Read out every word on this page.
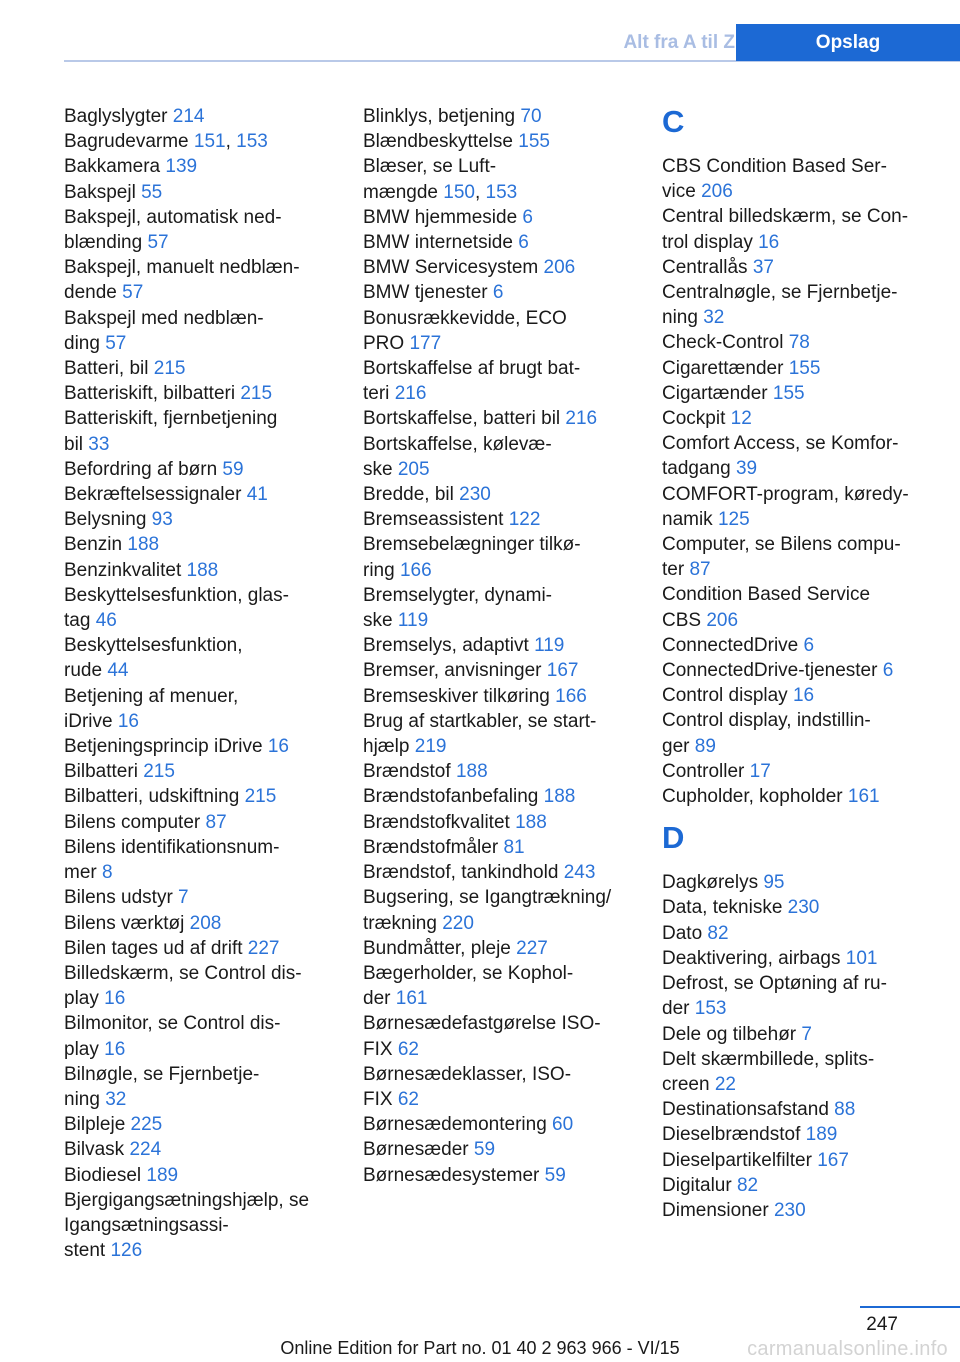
Alt fra A til Z	Opslag
Baglyslygter 214
Bagrudevarme 151, 153
Bakkamera 139
Bakspejl 55
Bakspejl, automatisk ned-
blænding 57
Bakspejl, manuelt nedblæn-
dende 57
Bakspejl med nedblæn-
ding 57
Batteri, bil 215
Batteriskift, bilbatteri 215
Batteriskift, fjernbetjening
bil 33
Befordring af børn 59
Bekræftelsessignaler 41
Belysning 93
Benzin 188
Benzinkvalitet 188
Beskyttelsesfunktion, glas-
tag 46
Beskyttelsesfunktion,
rude 44
Betjening af menuer,
iDrive 16
Betjeningsprincip iDrive 16
Bilbatteri 215
Bilbatteri, udskiftning 215
Bilens computer 87
Bilens identifikationsnum-
mer 8
Bilens udstyr 7
Bilens værktøj 208
Bilen tages ud af drift 227
Billedskærm, se Control dis-
play 16
Bilmonitor, se Control dis-
play 16
Bilnøgle, se Fjernbetje-
ning 32
Bilpleje 225
Bilvask 224
Biodiesel 189
Bjergigangsætningshjælp, se
Igangsætningsassi-
stent 126
Blinklys, betjening 70
Blændbeskyttelse 155
Blæser, se Luft-
mængde 150, 153
BMW hjemmeside 6
BMW internetside 6
BMW Servicesystem 206
BMW tjenester 6
Bonusrækkevidde, ECO
PRO 177
Bortskaffelse af brugt bat-
teri 216
Bortskaffelse, batteri bil 216
Bortskaffelse, kølevæ-
ske 205
Bredde, bil 230
Bremseassistent 122
Bremsebelægninger tilkø-
ring 166
Bremselygter, dynami-
ske 119
Bremselys, adaptivt 119
Bremser, anvisninger 167
Bremseskiver tilkøring 166
Brug af startkabler, se start-
hjælp 219
Brændstof 188
Brændstofanbefaling 188
Brændstofkvalitet 188
Brændstofmåler 81
Brændstof, tankindhold 243
Bugsering, se Igangtrækning/
trækning 220
Bundmåtter, pleje 227
Bægerholder, se Kophol-
der 161
Børnesædefastgørelse ISO-
FIX 62
Børnesædeklasser, ISO-
FIX 62
Børnesædemontering 60
Børnesæder 59
Børnesædesystemer 59
C
CBS Condition Based Ser-
vice 206
Central billedskærm, se Con-
trol display 16
Centrallås 37
Centralnøgle, se Fjernbetje-
ning 32
Check-Control 78
Cigarettænder 155
Cigartænder 155
Cockpit 12
Comfort Access, se Komfor-
tadgang 39
COMFORT-program, køredy-
namik 125
Computer, se Bilens compu-
ter 87
Condition Based Service
CBS 206
ConnectedDrive 6
ConnectedDrive-tjenester 6
Control display 16
Control display, indstillin-
ger 89
Controller 17
Cupholder, kopholder 161
D
Dagkørelys 95
Data, tekniske 230
Dato 82
Deaktivering, airbags 101
Defrost, se Optøning af ru-
der 153
Dele og tilbehør 7
Delt skærmbillede, splits-
creen 22
Destinationsafstand 88
Dieselbrændstof 189
Dieselpartikelfilter 167
Digitalur 82
Dimensioner 230
247
Online Edition for Part no. 01 40 2 963 966 - VI/15	carmanualsonline.info
